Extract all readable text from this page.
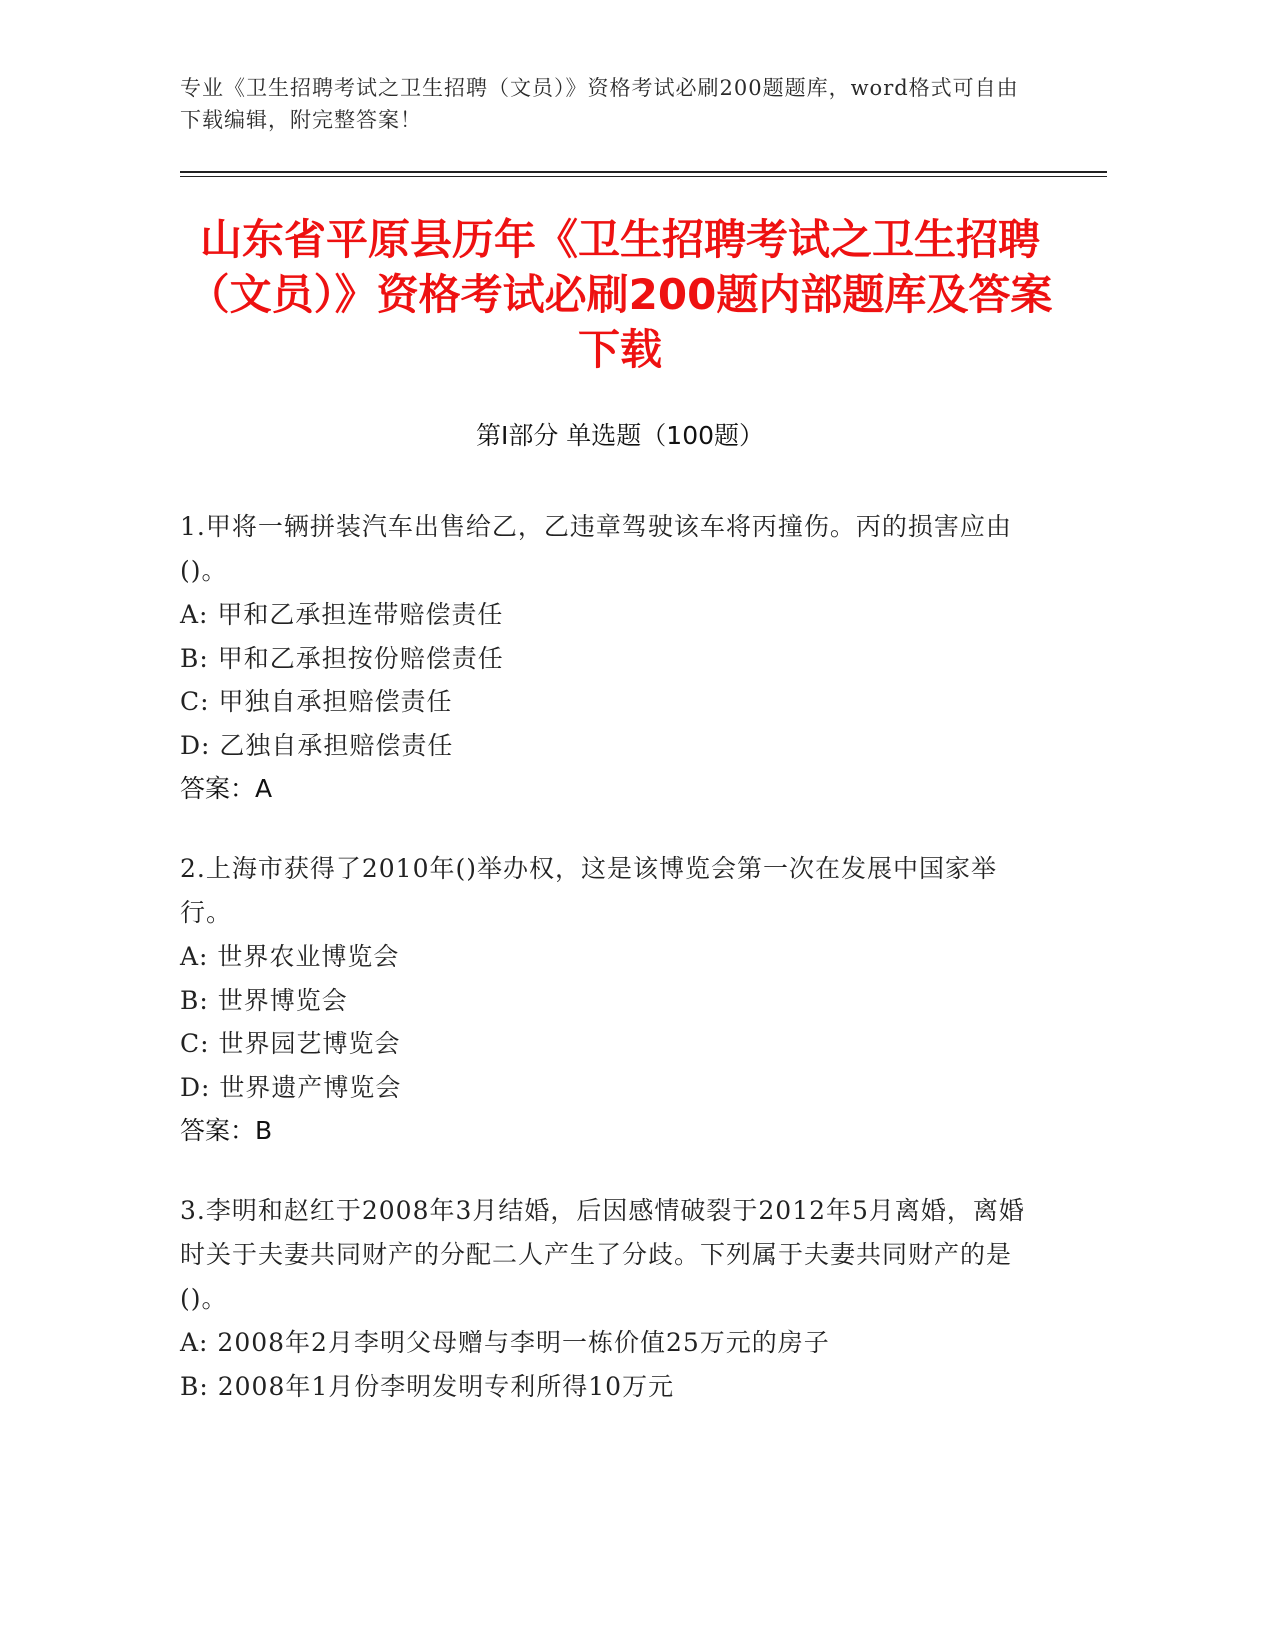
专业《卫生招聘考试之卫生招聘（文员）》资格考试必刷200题题库，word格式可自由下载编辑，附完整答案！
山东省平原县历年《卫生招聘考试之卫生招聘（文员）》资格考试必刷200题内部题库及答案下载
第I部分 单选题（100题）

1.甲将一辆拼装汽车出售给乙，乙违章驾驶该车将丙撞伤。丙的损害应由()。

A: 甲和乙承担连带赔偿责任

B: 甲和乙承担按份赔偿责任

C: 甲独自承担赔偿责任

D: 乙独自承担赔偿责任

答案：A

2.上海市获得了2010年()举办权，这是该博览会第一次在发展中国家举行。

A: 世界农业博览会

B: 世界博览会

C: 世界园艺博览会

D: 世界遗产博览会

答案：B

3.李明和赵红于2008年3月结婚，后因感情破裂于2012年5月离婚，离婚时关于夫妻共同财产的分配二人产生了分歧。下列属于夫妻共同财产的是()。

A: 2008年2月李明父母赠与李明一栋价值25万元的房子

B: 2008年1月份李明发明专利所得10万元
